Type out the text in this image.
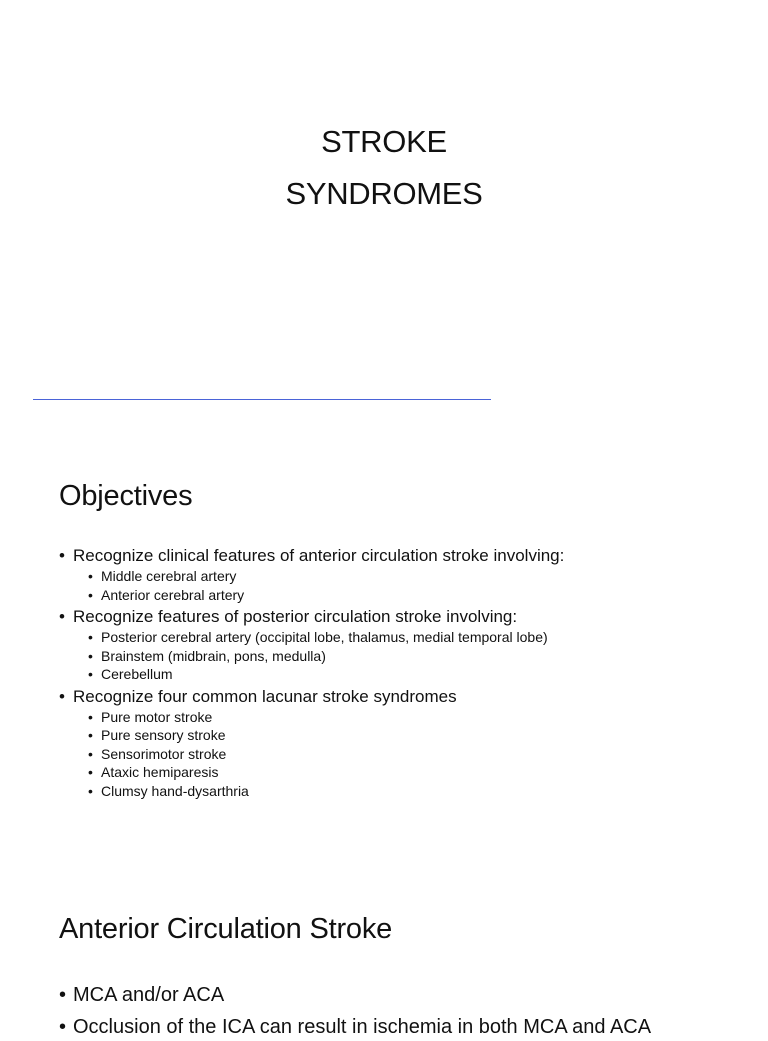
STROKE
SYNDROMES
Objectives
• Recognize clinical features of anterior circulation stroke involving:
• Middle cerebral artery
• Anterior cerebral artery
• Recognize features of posterior circulation stroke involving:
• Posterior cerebral artery (occipital lobe, thalamus, medial temporal lobe)
• Brainstem (midbrain, pons, medulla)
• Cerebellum
• Recognize four common lacunar stroke syndromes
• Pure motor stroke
• Pure sensory stroke
• Sensorimotor stroke
• Ataxic hemiparesis
• Clumsy hand-dysarthria
Anterior Circulation Stroke
• MCA and/or ACA
• Occlusion of the ICA can result in ischemia in both MCA and ACA
